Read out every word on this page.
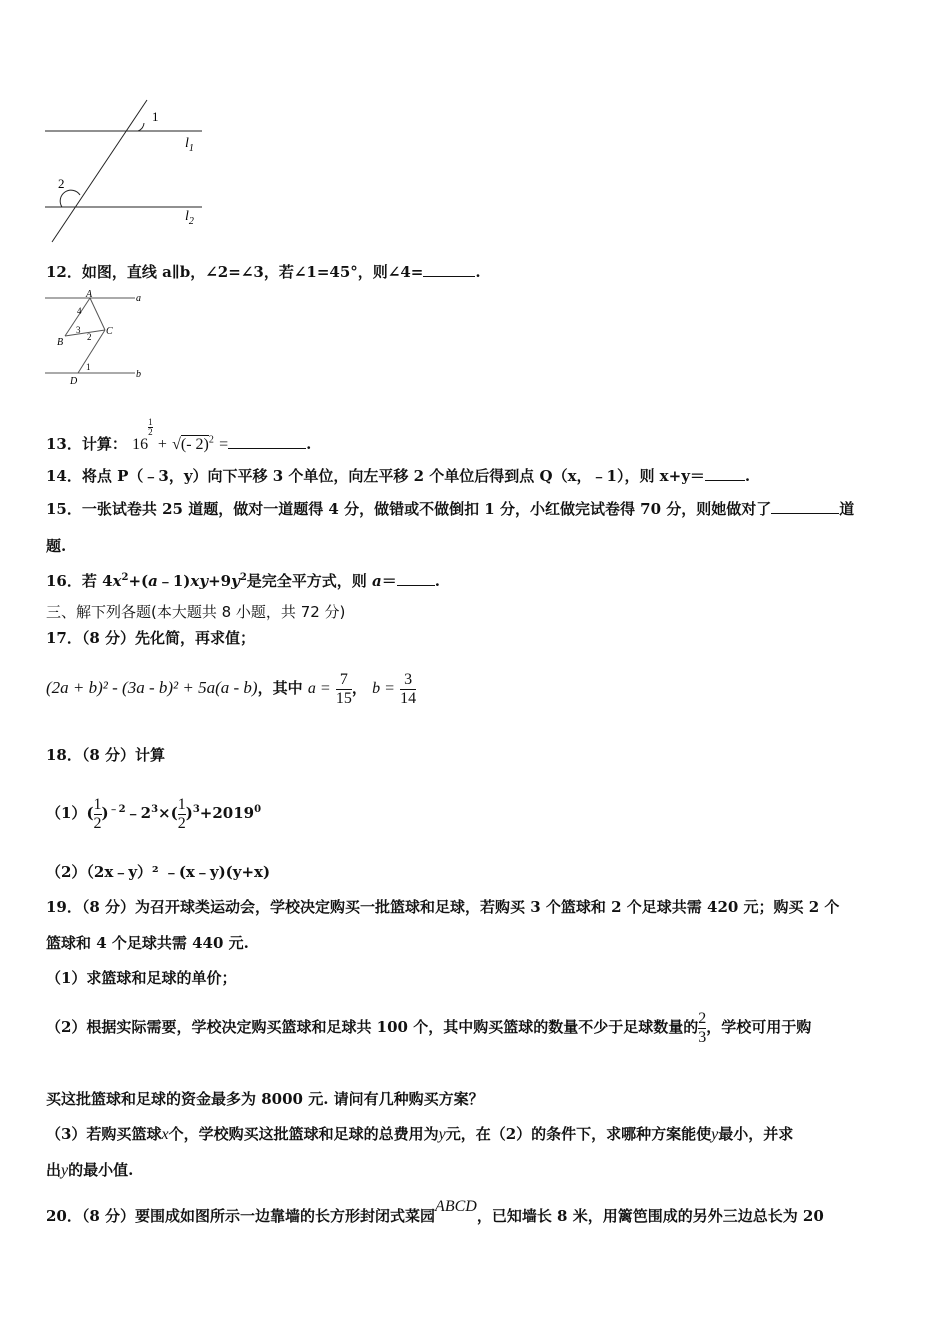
1
2
$l_1$
$l_2$
12．如图，直线 a∥b，∠2=∠3，若∠1=45°，则∠4=	.
A
B
C
D
a
b
1
2
3
4
13．计算： 16
$\frac{1}{2}$
+ √(- 2)$^2$ =	.
14．将点 P（﹣3，y）向下平移 3 个单位，向左平移 2 个单位后得到点 Q（x，﹣1），则 x+y＝	.
15．一张试卷共 25 道题，做对一道题得 4 分，做错或不做倒扣 1 分，小红做完试卷得 70 分，则她做对了	道
题.
16．若 $4x^2+(a﹣1)xy+9y^2$是完全平方式，则 a＝	.
三、解下列各题(本大题共 8 小题，共 72 分)
17．（8 分）先化简，再求值；
(2a + b)² - (3a - b)² + 5a(a - b)，其中 $a = \frac{7}{15}$ ， $b = \frac{3}{14}$
18．（8 分）计算
$(1)( \frac{1}{2}$ )$^{﹣2}﹣2^3\times( \frac{1}{2} )^3+2019^0$
（2）（2x﹣y）² ﹣(x﹣y)(y+x)
19．（8 分）为召开球类运动会，学校决定购买一批篮球和足球，若购买 3 个篮球和 2 个足球共需 420 元；购买 2 个
篮球和 4 个足球共需 440 元.
（1）求篮球和足球的单价；
（2）根据实际需要，学校决定购买篮球和足球共 100 个，其中购买篮球的数量不少于足球数量的 $\frac{2}{3}$ ，学校可用于购
买这批篮球和足球的资金最多为 8000 元. 请问有几种购买方案？
（3）若购买篮球x个，学校购买这批篮球和足球的总费用为y元，在（2）的条件下，求哪种方案能使y最小，并求
出y的最小值.
20．（8 分）要围成如图所示一边靠墙的长方形封闭式菜园ABCD，已知墙长 8 米，用篱笆围成的另外三边总长为 20
